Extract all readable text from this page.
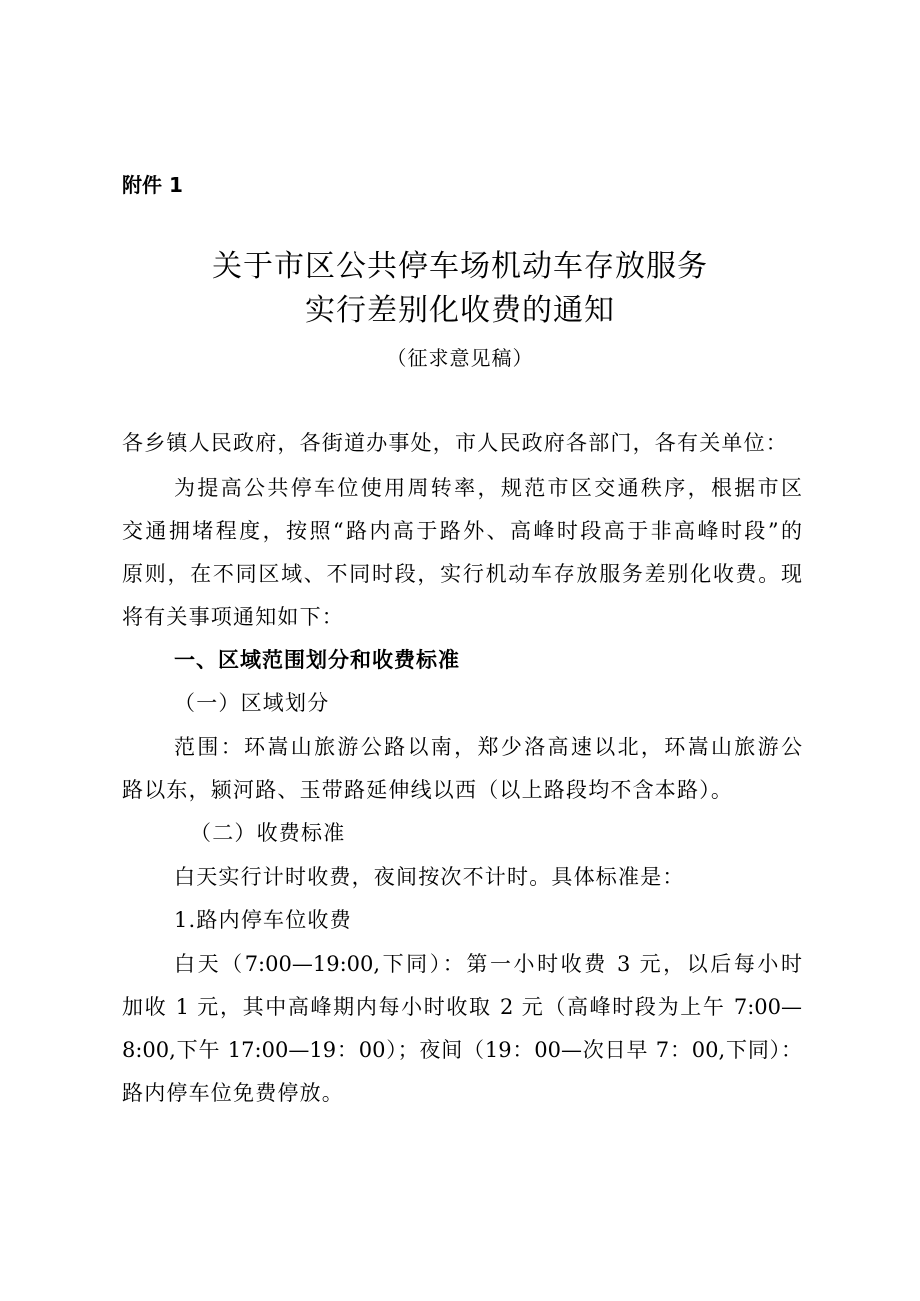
附件 1
关于市区公共停车场机动车存放服务
实行差别化收费的通知
（征求意见稿）
各乡镇人民政府，各街道办事处，市人民政府各部门，各有关单位：
为提高公共停车位使用周转率，规范市区交通秩序，根据市区
交通拥堵程度，按照“路内高于路外、高峰时段高于非高峰时段”的
原则，在不同区域、不同时段，实行机动车存放服务差别化收费。现
将有关事项通知如下：
一、区域范围划分和收费标准
（一）区域划分
范围：环嵩山旅游公路以南，郑少洛高速以北，环嵩山旅游公
路以东，颍河路、玉带路延伸线以西（以上路段均不含本路）。
（二）收费标准
白天实行计时收费，夜间按次不计时。具体标准是：
1.路内停车位收费
白天（7:00—19:00,下同）：第一小时收费 3 元，以后每小时
加收 1 元，其中高峰期内每小时收取 2 元（高峰时段为上午 7:00—
8:00,下午 17:00—19：00）；夜间（19：00—次日早 7：00,下同）：
路内停车位免费停放。
